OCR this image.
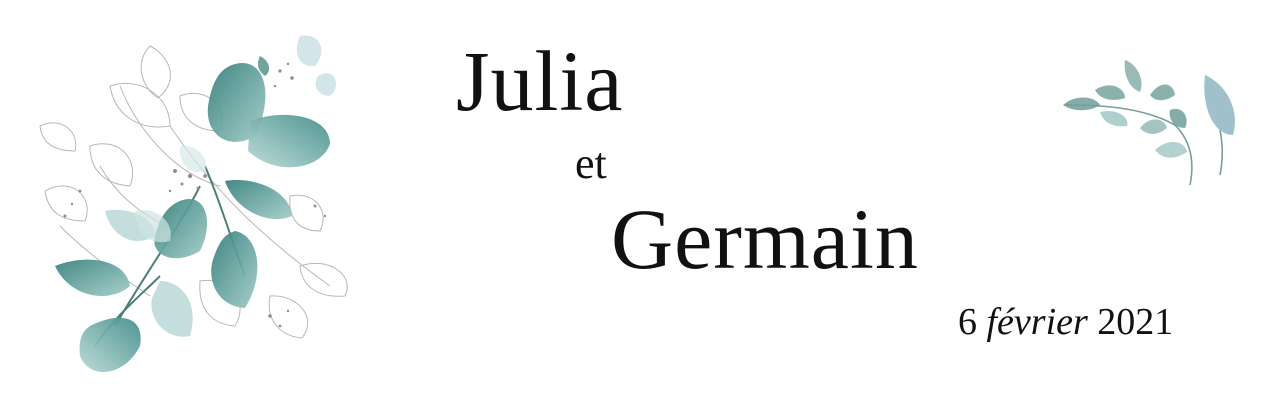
Julia
et
Germain
6 février 2021
